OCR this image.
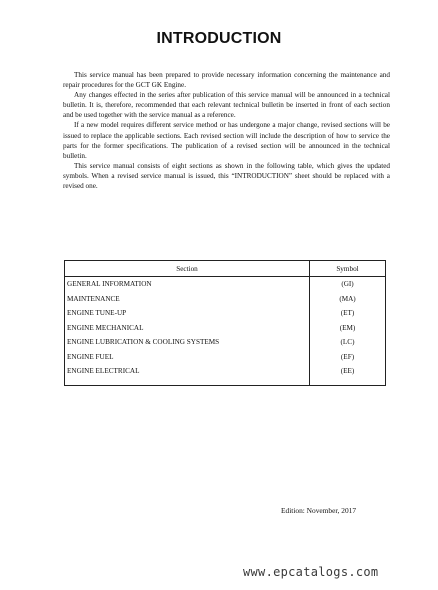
INTRODUCTION

This service manual has been prepared to provide necessary information concerning the maintenance and repair procedures for the GCT GK Engine.

Any changes effected in the series after publication of this service manual will be announced in a technical bulletin. It is, therefore, recommended that each relevant technical bulletin be inserted in front of each section and be used together with the service manual as a reference.

If a new model requires different service method or has undergone a major change, revised sections will be issued to replace the applicable sections. Each revised section will include the description of how to service the parts for the former specifications. The publication of a revised section will be announced in the technical bulletin.

This service manual consists of eight sections as shown in the following table, which gives the updated symbols. When a revised service manual is issued, this “INTRODUCTION” sheet should be replaced with a revised one.

Section	Symbol
GENERAL INFORMATION	(GI)
MAINTENANCE	(MA)
ENGINE TUNE-UP	(ET)
ENGINE MECHANICAL	(EM)
ENGINE LUBRICATION & COOLING SYSTEMS	(LC)
ENGINE FUEL	(EF)
ENGINE ELECTRICAL	(EE)

Edition: November, 2017
www.epcatalogs.com
